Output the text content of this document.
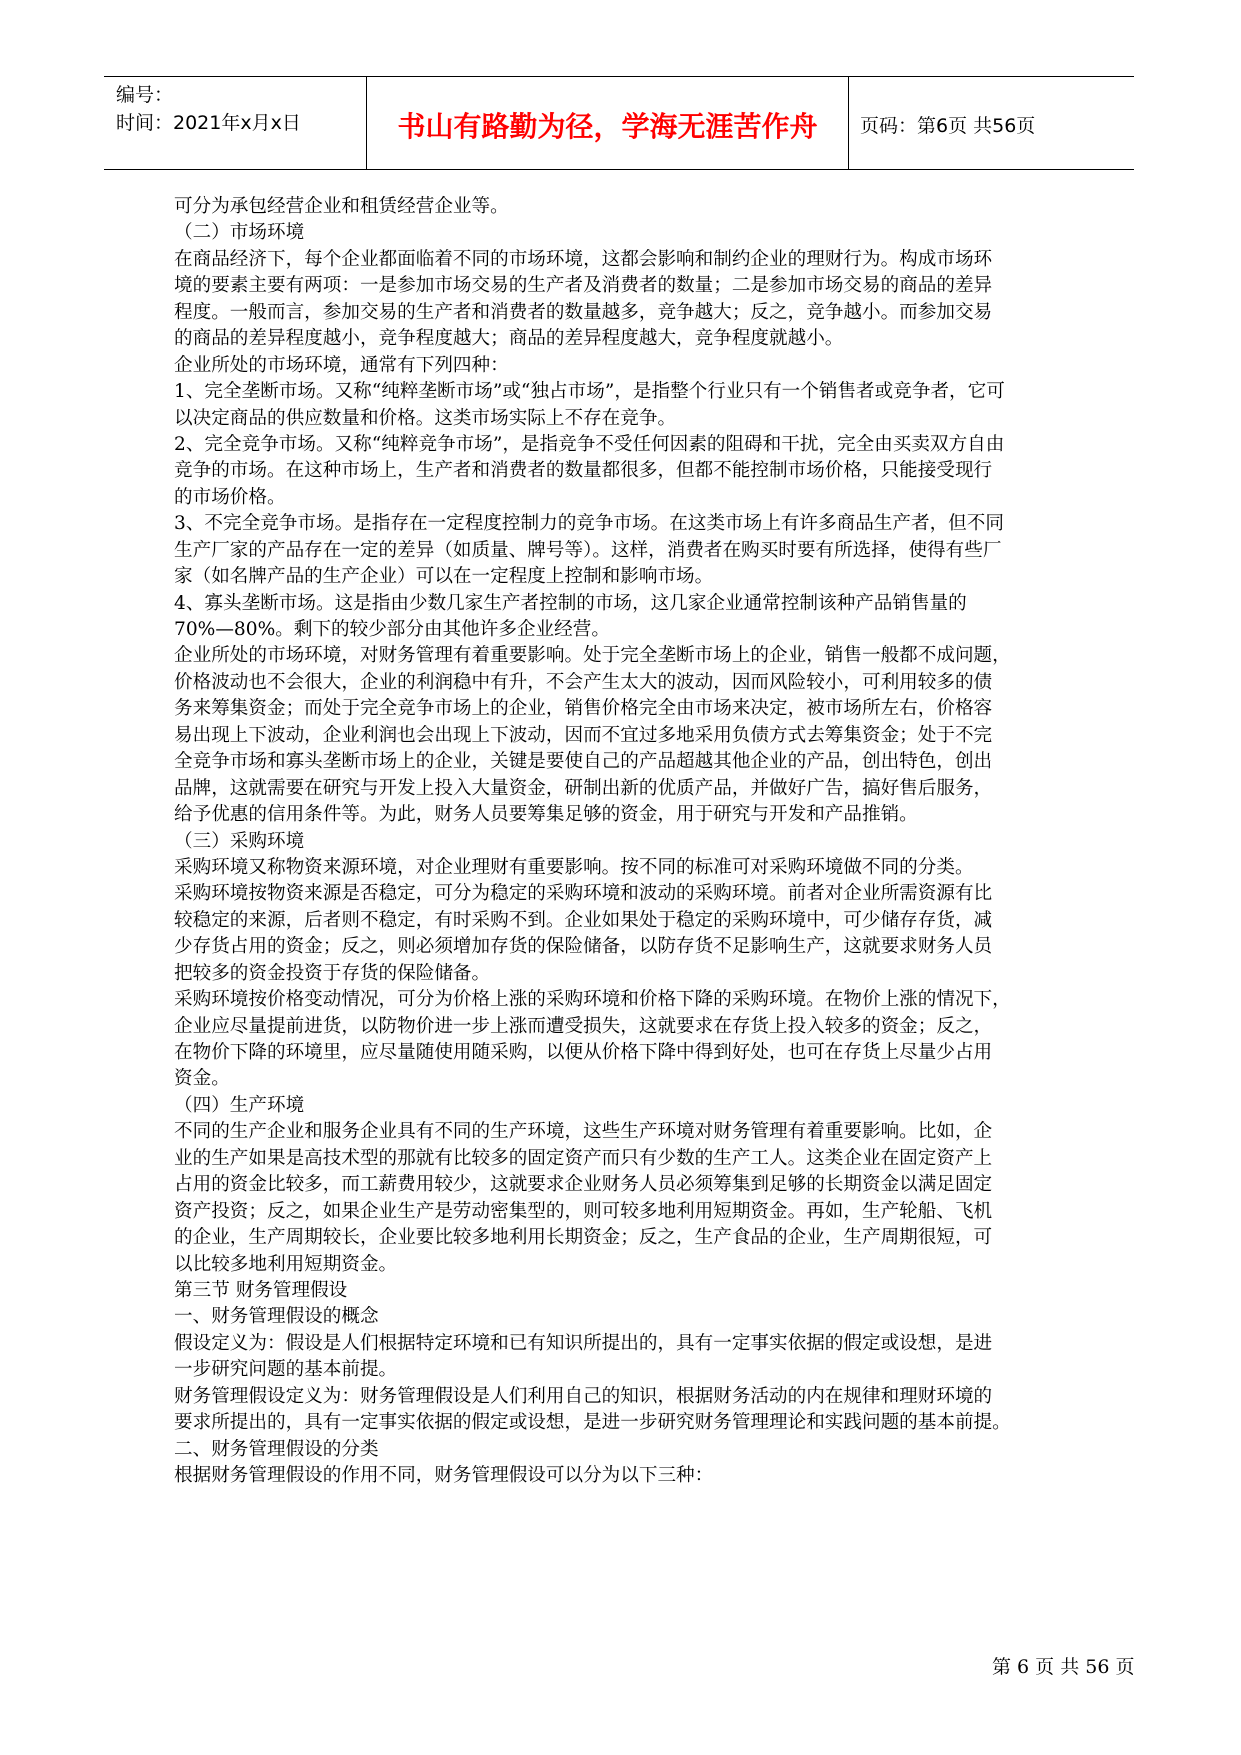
编号：
时间：2021年x月x日	书山有路勤为径，学海无涯苦作舟	页码：第6页 共56页
可分为承包经营企业和租赁经营企业等。
（二）市场环境
在商品经济下，每个企业都面临着不同的市场环境，这都会影响和制约企业的理财行为。构成市场环
境的要素主要有两项：一是参加市场交易的生产者及消费者的数量；二是参加市场交易的商品的差异
程度。一般而言，参加交易的生产者和消费者的数量越多，竞争越大；反之，竞争越小。而参加交易
的商品的差异程度越小，竞争程度越大；商品的差异程度越大，竞争程度就越小。
企业所处的市场环境，通常有下列四种：
1、完全垄断市场。又称“纯粹垄断市场”或“独占市场”，是指整个行业只有一个销售者或竞争者，它可
以决定商品的供应数量和价格。这类市场实际上不存在竞争。
2、完全竞争市场。又称“纯粹竞争市场”，是指竞争不受任何因素的阻碍和干扰，完全由买卖双方自由
竞争的市场。在这种市场上，生产者和消费者的数量都很多，但都不能控制市场价格，只能接受现行
的市场价格。
3、不完全竞争市场。是指存在一定程度控制力的竞争市场。在这类市场上有许多商品生产者，但不同
生产厂家的产品存在一定的差异（如质量、牌号等）。这样，消费者在购买时要有所选择，使得有些厂
家（如名牌产品的生产企业）可以在一定程度上控制和影响市场。
4、寡头垄断市场。这是指由少数几家生产者控制的市场，这几家企业通常控制该种产品销售量的
70%—80%。剩下的较少部分由其他许多企业经营。
企业所处的市场环境，对财务管理有着重要影响。处于完全垄断市场上的企业，销售一般都不成问题，
价格波动也不会很大，企业的利润稳中有升，不会产生太大的波动，因而风险较小，可利用较多的债
务来筹集资金；而处于完全竞争市场上的企业，销售价格完全由市场来决定，被市场所左右，价格容
易出现上下波动，企业利润也会出现上下波动，因而不宜过多地采用负债方式去筹集资金；处于不完
全竞争市场和寡头垄断市场上的企业，关键是要使自己的产品超越其他企业的产品，创出特色，创出
品牌，这就需要在研究与开发上投入大量资金，研制出新的优质产品，并做好广告，搞好售后服务，
给予优惠的信用条件等。为此，财务人员要筹集足够的资金，用于研究与开发和产品推销。
（三）采购环境
采购环境又称物资来源环境，对企业理财有重要影响。按不同的标准可对采购环境做不同的分类。
采购环境按物资来源是否稳定，可分为稳定的采购环境和波动的采购环境。前者对企业所需资源有比
较稳定的来源，后者则不稳定，有时采购不到。企业如果处于稳定的采购环境中，可少储存存货，减
少存货占用的资金；反之，则必须增加存货的保险储备，以防存货不足影响生产，这就要求财务人员
把较多的资金投资于存货的保险储备。
采购环境按价格变动情况，可分为价格上涨的采购环境和价格下降的采购环境。在物价上涨的情况下，
企业应尽量提前进货，以防物价进一步上涨而遭受损失，这就要求在存货上投入较多的资金；反之，
在物价下降的环境里，应尽量随使用随采购，以便从价格下降中得到好处，也可在存货上尽量少占用
资金。
（四）生产环境
不同的生产企业和服务企业具有不同的生产环境，这些生产环境对财务管理有着重要影响。比如，企
业的生产如果是高技术型的那就有比较多的固定资产而只有少数的生产工人。这类企业在固定资产上
占用的资金比较多，而工薪费用较少，这就要求企业财务人员必须筹集到足够的长期资金以满足固定
资产投资；反之，如果企业生产是劳动密集型的，则可较多地利用短期资金。再如，生产轮船、飞机
的企业，生产周期较长，企业要比较多地利用长期资金；反之，生产食品的企业，生产周期很短，可
以比较多地利用短期资金。
第三节 财务管理假设
一、财务管理假设的概念
假设定义为：假设是人们根据特定环境和已有知识所提出的，具有一定事实依据的假定或设想，是进
一步研究问题的基本前提。
财务管理假设定义为：财务管理假设是人们利用自己的知识，根据财务活动的内在规律和理财环境的
要求所提出的，具有一定事实依据的假定或设想，是进一步研究财务管理理论和实践问题的基本前提。
二、财务管理假设的分类
根据财务管理假设的作用不同，财务管理假设可以分为以下三种：
第 6 页 共 56 页
